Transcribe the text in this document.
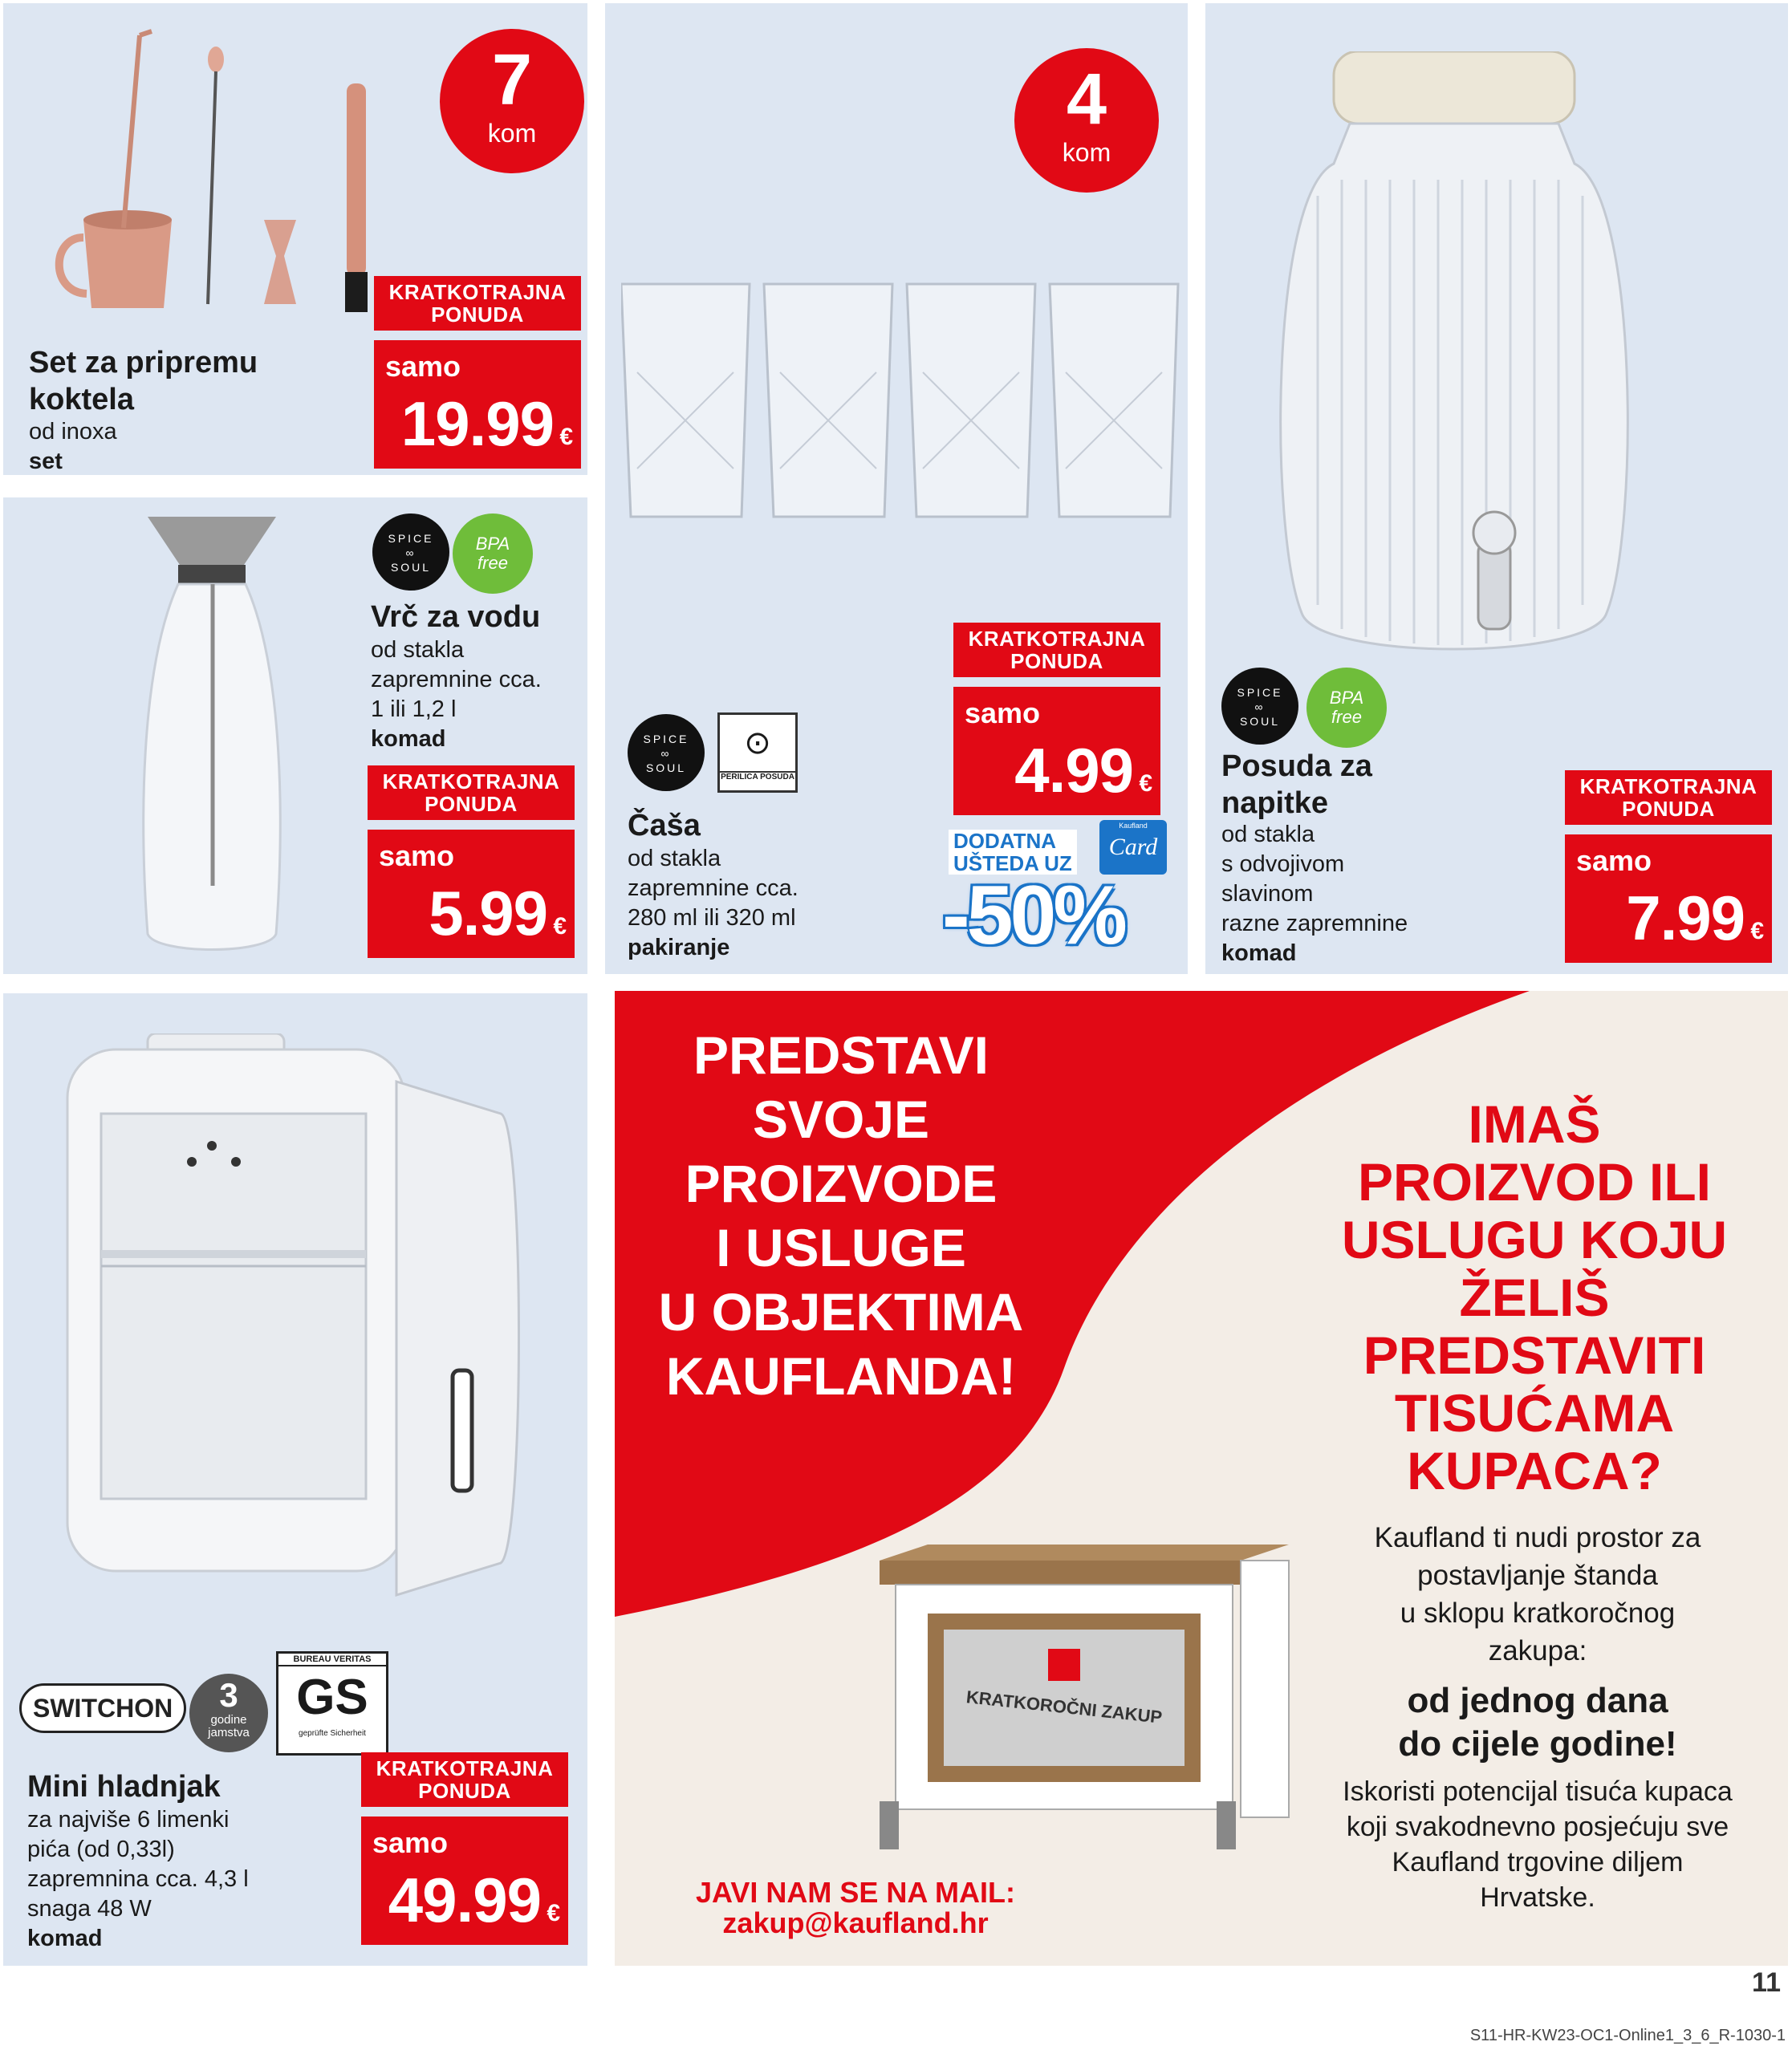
7
kom
Set za pripremu
koktela
od inoxa
set
KRATKOTRAJNA
PONUDA
samo
19.99 €
SPICE
∞
SOUL
BPA
free
Vrč za vodu
od stakla
zapremnine cca.
1 ili 1,2 l
komad
KRATKOTRAJNA
PONUDA
samo
5.99 €
4
kom
SPICE
∞
SOUL
⊙
PERILICA POSUDA
Čaša
od stakla
zapremnine cca.
280 ml ili 320 ml
pakiranje
KRATKOTRAJNA
PONUDA
samo
4.99 €
DODATNA
UŠTEDA UZ
Kaufland
Card
-50%
SPICE
∞
SOUL
BPA
free
Posuda za
napitke
od stakla
s odvojivom
slavinom
razne zapremnine
komad
KRATKOTRAJNA
PONUDA
samo
7.99 €
SWITCHON	3
godine
jamstva
BUREAU VERITAS
GS
geprüfte Sicherheit
Mini hladnjak
za najviše 6 limenki
pića (od 0,33l)
zapremnina cca. 4,3 l
snaga 48 W
komad
KRATKOTRAJNA
PONUDA
samo
49.99 €
PREDSTAVI
SVOJE
PROIZVODE
I USLUGE
U OBJEKTIMA
KAUFLANDA!
IMAŠ
PROIZVOD ILI
USLUGU KOJU
ŽELIŠ
PREDSTAVITI
TISUĆAMA
KUPACA?
Kaufland ti nudi prostor za
postavljanje štanda
u sklopu kratkoročnog
zakupa:
od jednog dana
do cijele godine!
Iskoristi potencijal tisuća kupaca
koji svakodnevno posjećuju sve
Kaufland trgovine diljem
Hrvatske.
KRATKOROČNI ZAKUP
JAVI NAM SE NA MAIL:
zakup@kaufland.hr
11
S11-HR-KW23-OC1-Online1_3_6_R-1030-1
